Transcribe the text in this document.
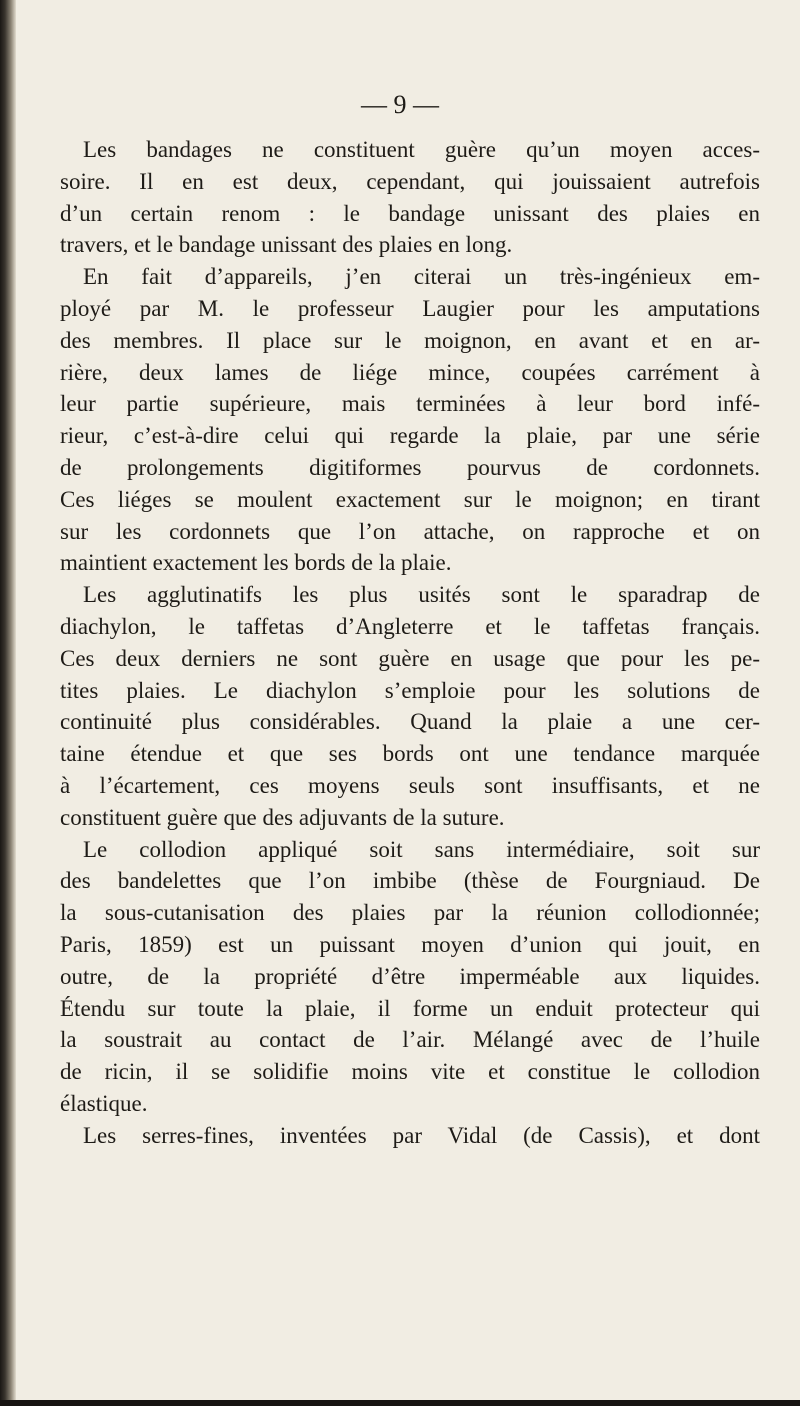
— 9 —

Les bandages ne constituent guère qu’un moyen acces-
soire. Il en est deux, cependant, qui jouissaient autrefois
d’un certain renom : le bandage unissant des plaies en
travers, et le bandage unissant des plaies en long.
En fait d’appareils, j’en citerai un très-ingénieux em-
ployé par M. le professeur Laugier pour les amputations
des membres. Il place sur le moignon, en avant et en ar-
rière, deux lames de liége mince, coupées carrément à
leur partie supérieure, mais terminées à leur bord infé-
rieur, c’est-à-dire celui qui regarde la plaie, par une série
de prolongements digitiformes pourvus de cordonnets.
Ces liéges se moulent exactement sur le moignon; en tirant
sur les cordonnets que l’on attache, on rapproche et on
maintient exactement les bords de la plaie.
Les agglutinatifs les plus usités sont le sparadrap de
diachylon, le taffetas d’Angleterre et le taffetas français.
Ces deux derniers ne sont guère en usage que pour les pe-
tites plaies. Le diachylon s’emploie pour les solutions de
continuité plus considérables. Quand la plaie a une cer-
taine étendue et que ses bords ont une tendance marquée
à l’écartement, ces moyens seuls sont insuffisants, et ne
constituent guère que des adjuvants de la suture.
Le collodion appliqué soit sans intermédiaire, soit sur
des bandelettes que l’on imbibe (thèse de Fourgniaud. De
la sous-cutanisation des plaies par la réunion collodionnée;
Paris, 1859) est un puissant moyen d’union qui jouit, en
outre, de la propriété d’être imperméable aux liquides.
Étendu sur toute la plaie, il forme un enduit protecteur qui
la soustrait au contact de l’air. Mélangé avec de l’huile
de ricin, il se solidifie moins vite et constitue le collodion
élastique.
Les serres-fines, inventées par Vidal (de Cassis), et dont
